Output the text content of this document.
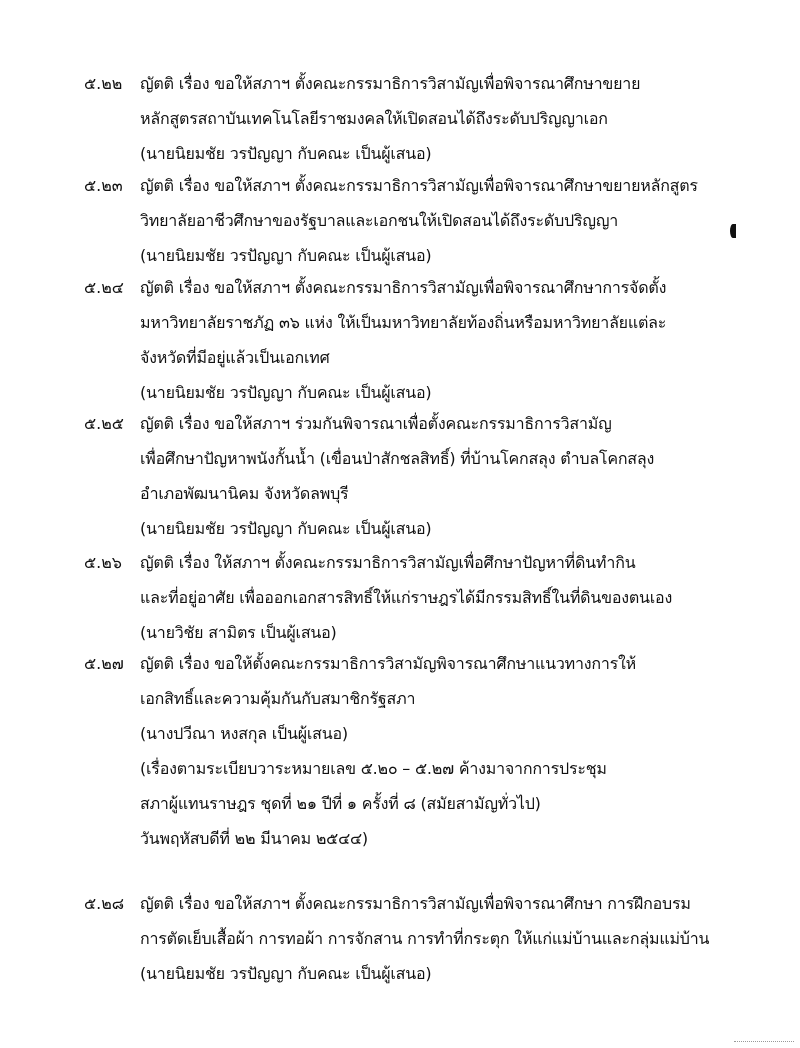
๕.๒๒ ญัตติ เรื่อง ขอให้สภาฯ ตั้งคณะกรรมาธิการวิสามัญเพื่อพิจารณาศึกษาขยาย
หลักสูตรสถาบันเทคโนโลยีราชมงคลให้เปิดสอนได้ถึงระดับปริญญาเอก
(นายนิยมชัย วรปัญญา กับคณะ เป็นผู้เสนอ)
๕.๒๓ ญัตติ เรื่อง ขอให้สภาฯ ตั้งคณะกรรมาธิการวิสามัญเพื่อพิจารณาศึกษาขยายหลักสูตร
วิทยาลัยอาชีวศึกษาของรัฐบาลและเอกชนให้เปิดสอนได้ถึงระดับปริญญา
(นายนิยมชัย วรปัญญา กับคณะ เป็นผู้เสนอ)
๕.๒๔ ญัตติ เรื่อง ขอให้สภาฯ ตั้งคณะกรรมาธิการวิสามัญเพื่อพิจารณาศึกษาการจัดตั้ง
มหาวิทยาลัยราชภัฏ ๓๖ แห่ง ให้เป็นมหาวิทยาลัยท้องถิ่นหรือมหาวิทยาลัยแต่ละ
จังหวัดที่มีอยู่แล้วเป็นเอกเทศ
(นายนิยมชัย วรปัญญา กับคณะ เป็นผู้เสนอ)
๕.๒๕ ญัตติ เรื่อง ขอให้สภาฯ ร่วมกันพิจารณาเพื่อตั้งคณะกรรมาธิการวิสามัญ
เพื่อศึกษาปัญหาพนังกั้นน้ำ (เขื่อนป่าสักชลสิทธิ์) ที่บ้านโคกสลุง ตำบลโคกสลุง
อำเภอพัฒนานิคม จังหวัดลพบุรี
(นายนิยมชัย วรปัญญา กับคณะ เป็นผู้เสนอ)
๕.๒๖ ญัตติ เรื่อง ให้สภาฯ ตั้งคณะกรรมาธิการวิสามัญเพื่อศึกษาปัญหาที่ดินทำกิน
และที่อยู่อาศัย เพื่อออกเอกสารสิทธิ์ให้แก่ราษฎรได้มีกรรมสิทธิ์ในที่ดินของตนเอง
(นายวิชัย สามิตร เป็นผู้เสนอ)
๕.๒๗ ญัตติ เรื่อง ขอให้ตั้งคณะกรรมาธิการวิสามัญพิจารณาศึกษาแนวทางการให้
เอกสิทธิ์และความคุ้มกันกับสมาชิกรัฐสภา
(นางปวีณา หงสกุล เป็นผู้เสนอ)
(เรื่องตามระเบียบวาระหมายเลข ๕.๒๐ – ๕.๒๗ ค้างมาจากการประชุม
สภาผู้แทนราษฎร ชุดที่ ๒๑ ปีที่ ๑ ครั้งที่ ๘ (สมัยสามัญทั่วไป)
วันพฤหัสบดีที่ ๒๒ มีนาคม ๒๕๔๔)
๕.๒๘ ญัตติ เรื่อง ขอให้สภาฯ ตั้งคณะกรรมาธิการวิสามัญเพื่อพิจารณาศึกษา การฝึกอบรม
การตัดเย็บเสื้อผ้า การทอผ้า การจักสาน การทำที่กระตุก ให้แก่แม่บ้านและกลุ่มแม่บ้าน
(นายนิยมชัย วรปัญญา กับคณะ เป็นผู้เสนอ)
